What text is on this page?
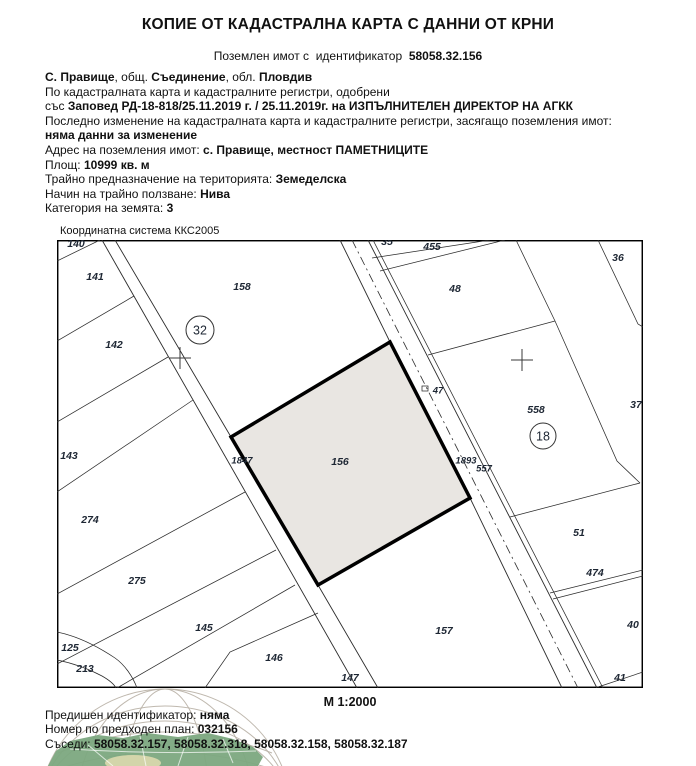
КОПИЕ ОТ КАДАСТРАЛНА КАРТА С ДАННИ ОТ КРНИ
Поземлен имот с  идентификатор  58058.32.156
С. Правище, общ. Съединение, обл. Пловдив
По кадастралната карта и кадастралните регистри, одобрени
със Заповед РД-18-818/25.11.2019 г. / 25.11.2019г. на ИЗПЪЛНИТЕЛЕН ДИРЕКТОР НА АГКК
Последно изменение на кадастралната карта и кадастралните регистри, засягащо поземления имот:
няма данни за изменение
Адрес на поземления имот: с. Правище, местност ПАМЕТНИЦИТЕ
Площ: 10999 кв. м
Трайно предназначение на територията: Земеделска
Начин на трайно ползване: Нива
Категория на земята: 3
Координатна система ККС2005
140
141
142
143
274
275
145
146
125
213
147
157
158
156
48
455
35
36
37
558
51
474
40
41
557
1893
1847
47
32
18
М 1:2000
Предишен идентификатор: няма
Номер по предходен план: 032156
Съседи: 58058.32.157, 58058.32.318, 58058.32.158, 58058.32.187
